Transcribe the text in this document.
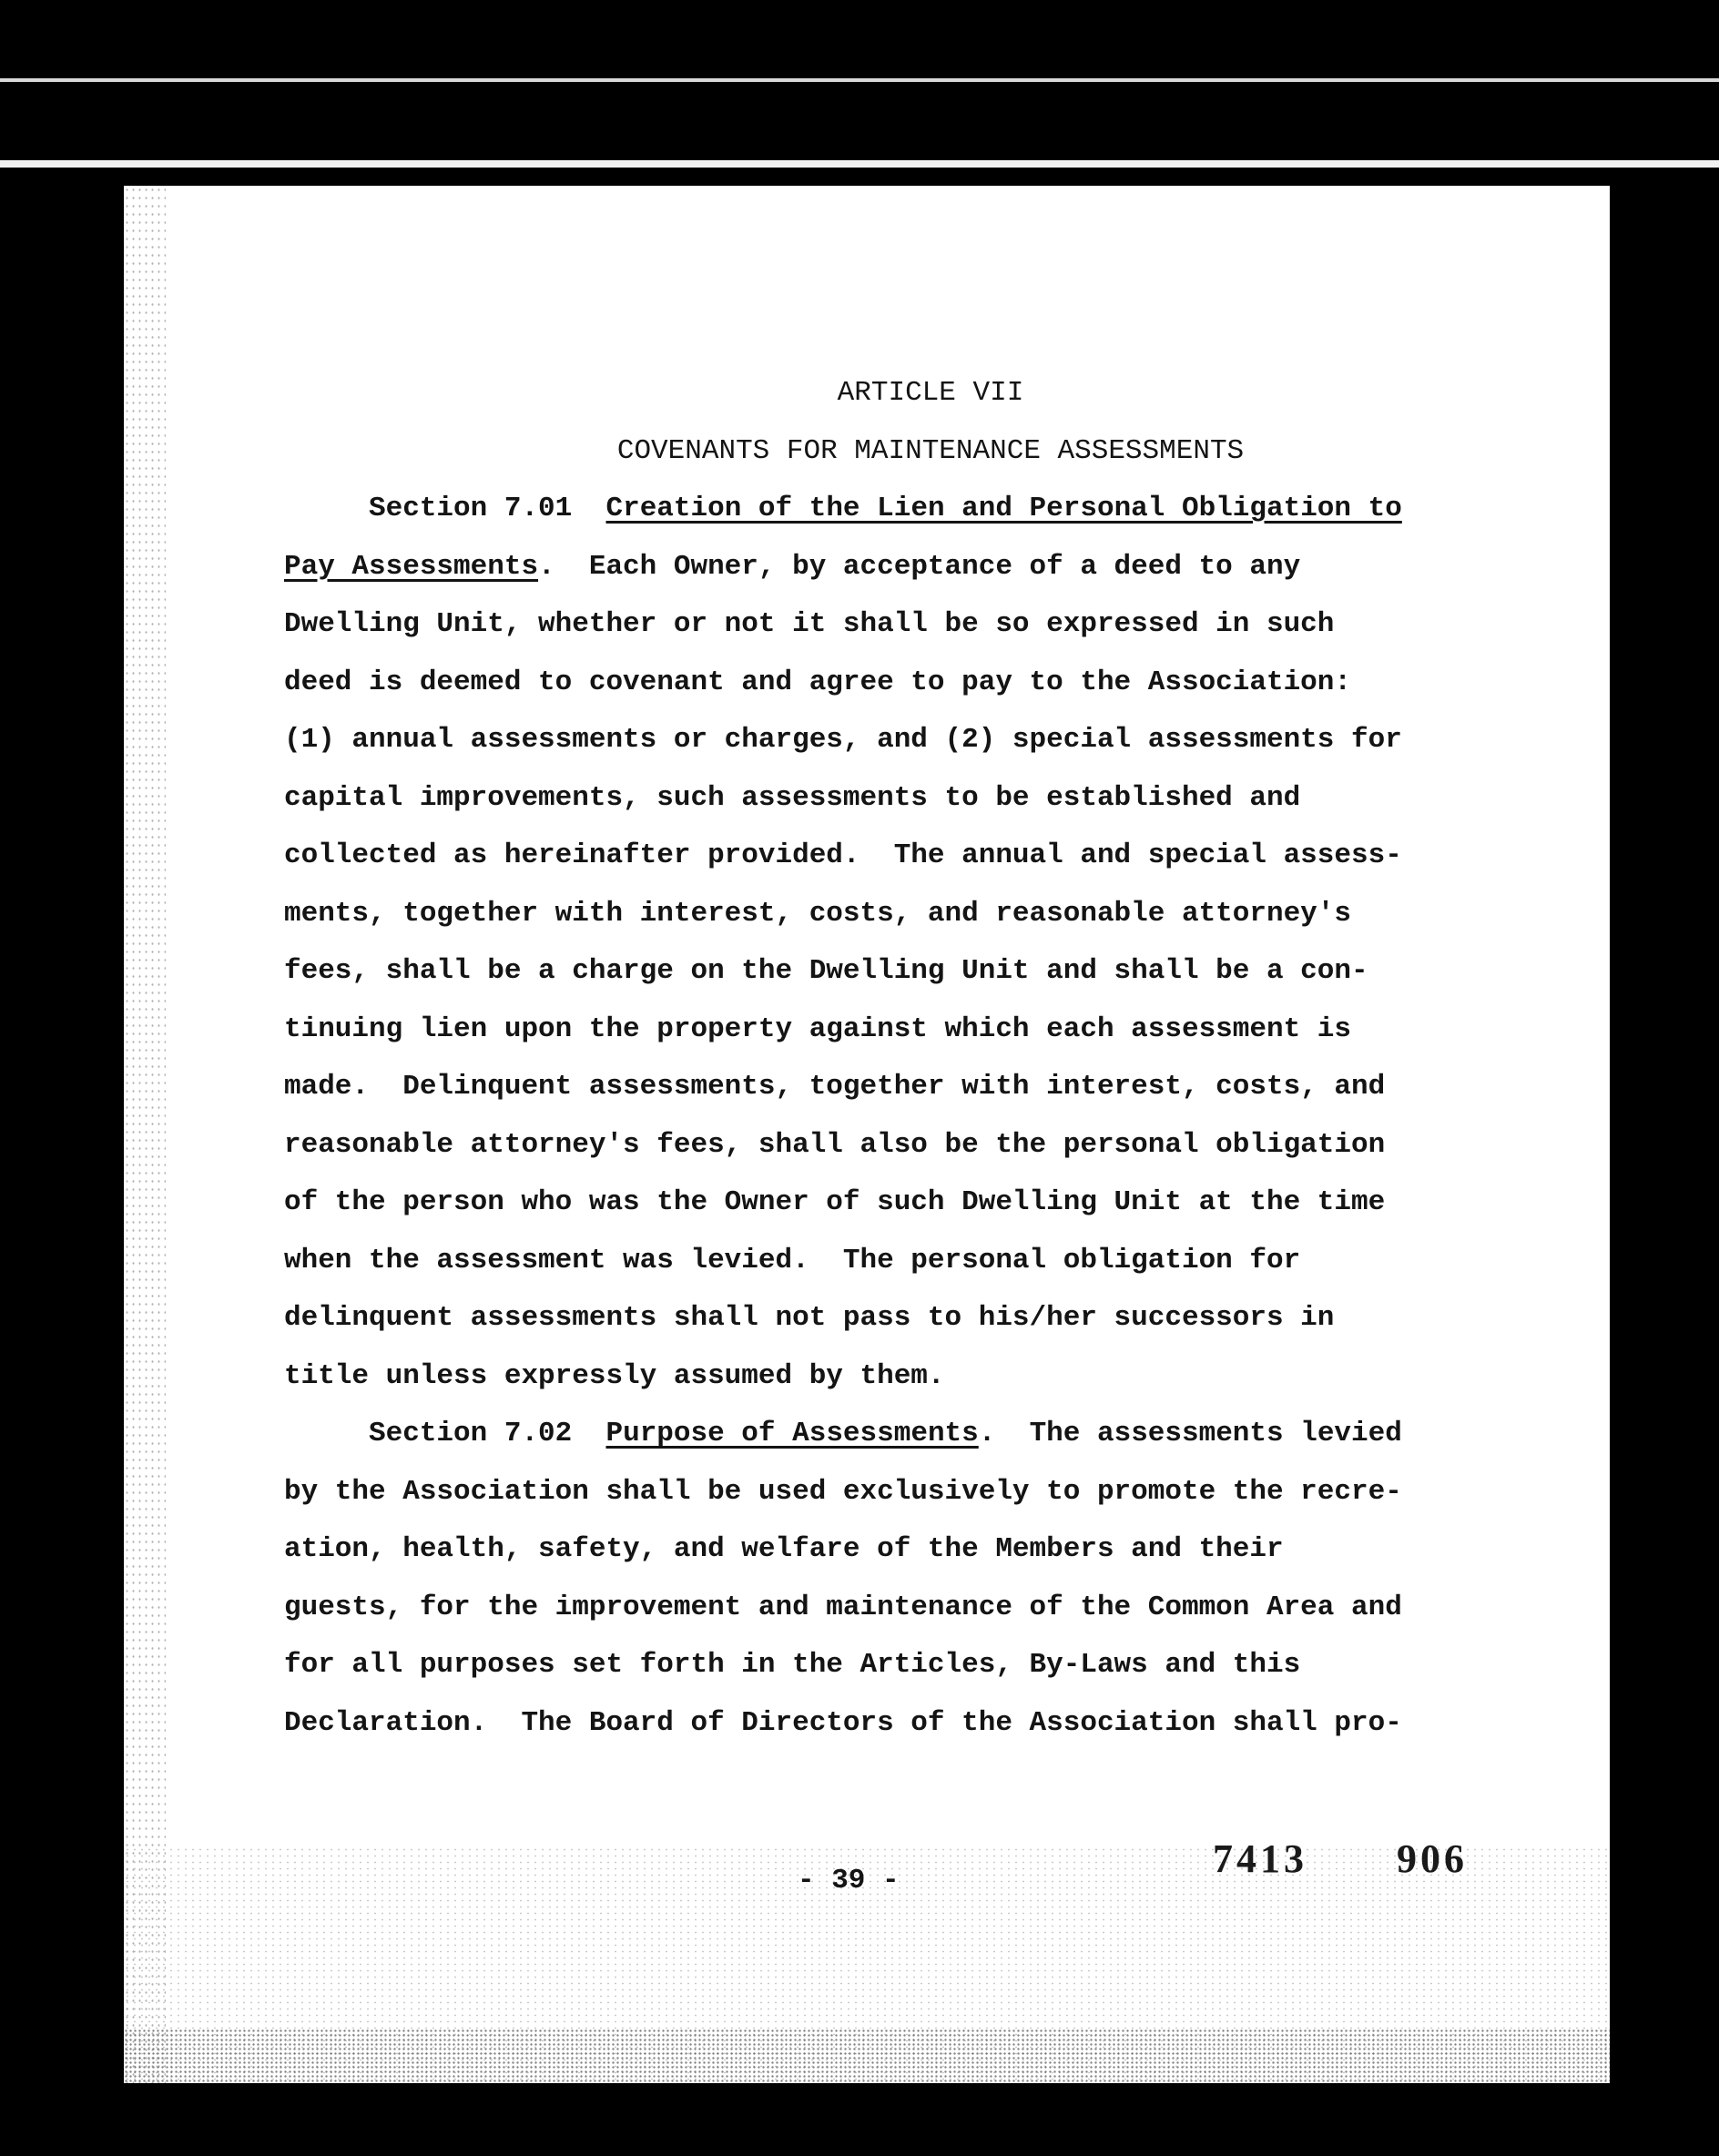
ARTICLE VII
COVENANTS FOR MAINTENANCE ASSESSMENTS
Section 7.01 Creation of the Lien and Personal Obligation to
Pay Assessments.  Each Owner, by acceptance of a deed to any
Dwelling Unit, whether or not it shall be so expressed in such
deed is deemed to covenant and agree to pay to the Association:
(1) annual assessments or charges, and (2) special assessments for
capital improvements, such assessments to be established and
collected as hereinafter provided.  The annual and special assess-
ments, together with interest, costs, and reasonable attorney's
fees, shall be a charge on the Dwelling Unit and shall be a con-
tinuing lien upon the property against which each assessment is
made.  Delinquent assessments, together with interest, costs, and
reasonable attorney's fees, shall also be the personal obligation
of the person who was the Owner of such Dwelling Unit at the time
when the assessment was levied.  The personal obligation for
delinquent assessments shall not pass to his/her successors in
title unless expressly assumed by them.
Section 7.02 Purpose of Assessments.  The assessments levied
by the Association shall be used exclusively to promote the recre-
ation, health, safety, and welfare of the Members and their
guests, for the improvement and maintenance of the Common Area and
for all purposes set forth in the Articles, By-Laws and this
Declaration.  The Board of Directors of the Association shall pro-
- 39 -	7413 906
